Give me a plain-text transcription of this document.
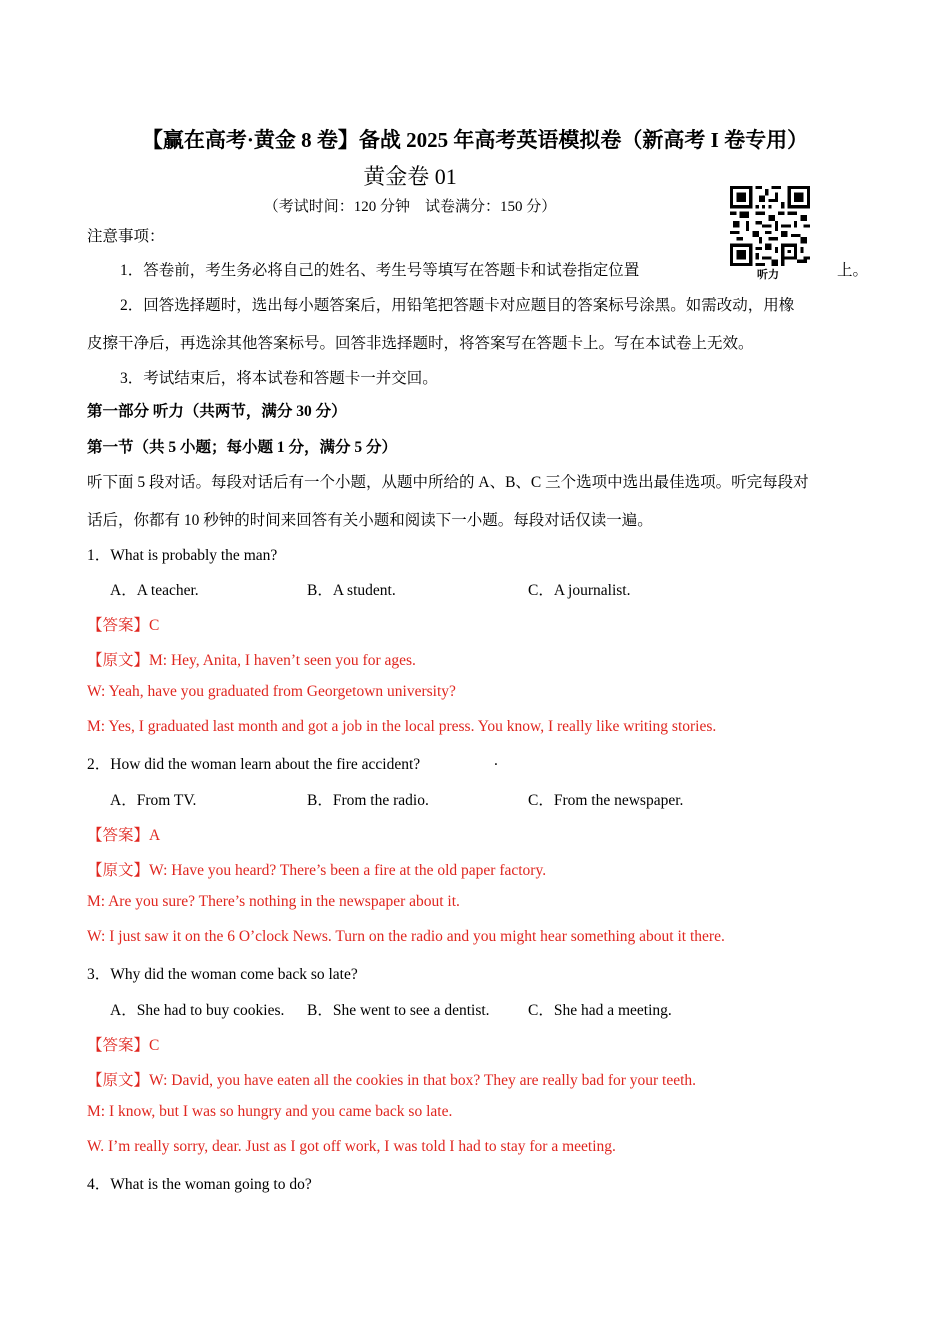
【赢在高考·黄金 8 卷】备战 2025 年高考英语模拟卷（新高考 I 卷专用）
黄金卷 01
（考试时间：120 分钟　试卷满分：150 分）
听力
注意事项：
1．答卷前，考生务必将自己的姓名、考生号等填写在答题卡和试卷指定位置	上。
2．回答选择题时，选出每小题答案后，用铅笔把答题卡对应题目的答案标号涂黑。如需改动，用橡
皮擦干净后，再选涂其他答案标号。回答非选择题时，将答案写在答题卡上。写在本试卷上无效。
3．考试结束后，将本试卷和答题卡一并交回。
第一部分 听力（共两节，满分 30 分）
第一节（共 5 小题；每小题 1 分，满分 5 分）
听下面 5 段对话。每段对话后有一个小题，从题中所给的 A、B、C 三个选项中选出最佳选项。听完每段对
话后，你都有 10 秒钟的时间来回答有关小题和阅读下一小题。每段对话仅读一遍。
1．What is probably the man?
A．A teacher.	B．A student.	C．A journalist.
【答案】C
【原文】M: Hey, Anita, I haven’t seen you for ages.
W: Yeah, have you graduated from Georgetown university?
M: Yes, I graduated last month and got a job in the local press. You know, I really like writing stories.
2．How did the woman learn about the fire accident?	.
A．From TV.	B．From the radio.	C．From the newspaper.
【答案】A
【原文】W: Have you heard? There’s been a fire at the old paper factory.
M: Are you sure? There’s nothing in the newspaper about it.
W: I just saw it on the 6 O’clock News. Turn on the radio and you might hear something about it there.
3．Why did the woman come back so late?
A．She had to buy cookies. B．She went to see a dentist. C．She had a meeting.
【答案】C
【原文】W: David, you have eaten all the cookies in that box? They are really bad for your teeth.
M: I know, but I was so hungry and you came back so late.
W. I’m really sorry, dear. Just as I got off work, I was told I had to stay for a meeting.
4．What is the woman going to do?
